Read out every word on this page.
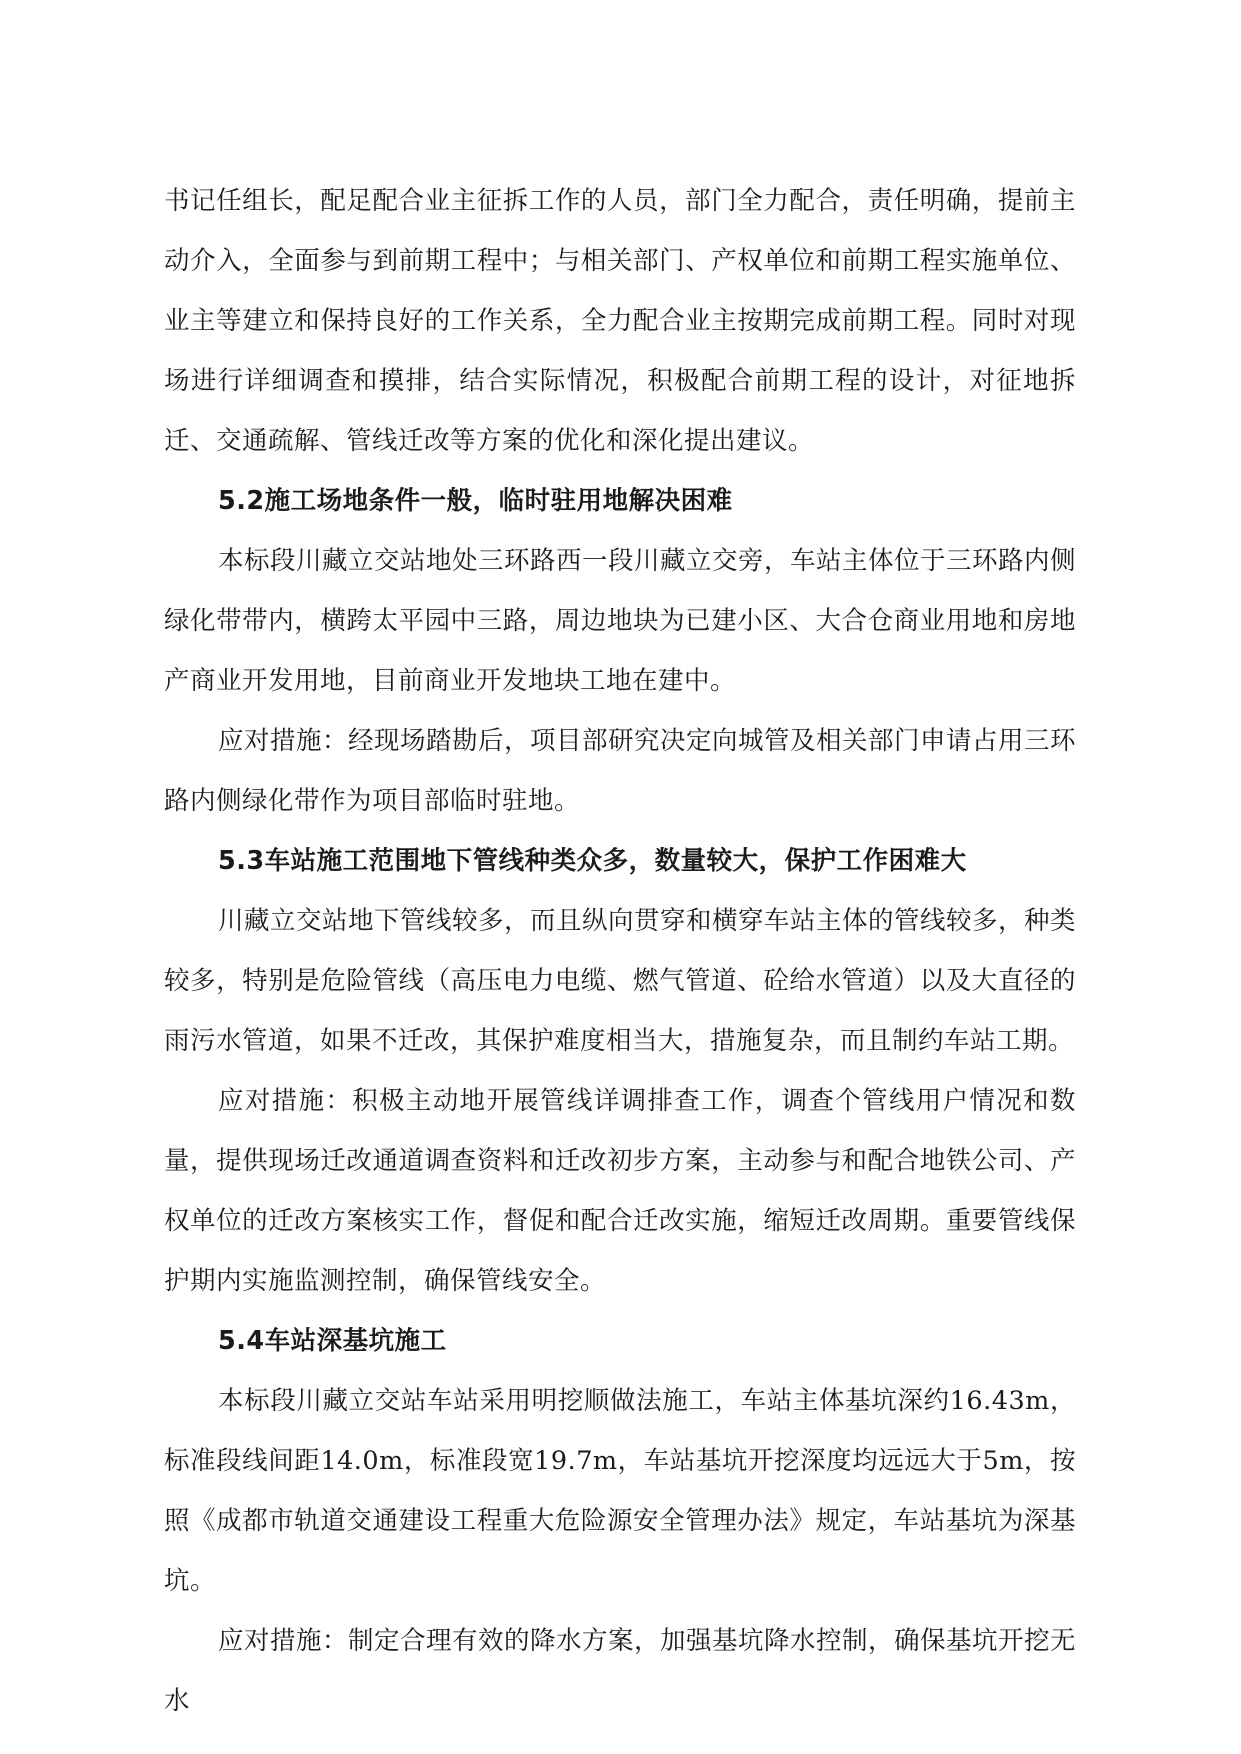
书记任组长，配足配合业主征拆工作的人员，部门全力配合，责任明确，提前主动介入，全面参与到前期工程中；与相关部门、产权单位和前期工程实施单位、业主等建立和保持良好的工作关系，全力配合业主按期完成前期工程。同时对现场进行详细调查和摸排，结合实际情况，积极配合前期工程的设计，对征地拆迁、交通疏解、管线迁改等方案的优化和深化提出建议。

5.2施工场地条件一般，临时驻用地解决困难

本标段川藏立交站地处三环路西一段川藏立交旁，车站主体位于三环路内侧绿化带带内，横跨太平园中三路，周边地块为已建小区、大合仓商业用地和房地产商业开发用地，目前商业开发地块工地在建中。

应对措施：经现场踏勘后，项目部研究决定向城管及相关部门申请占用三环路内侧绿化带作为项目部临时驻地。

5.3车站施工范围地下管线种类众多，数量较大，保护工作困难大

川藏立交站地下管线较多，而且纵向贯穿和横穿车站主体的管线较多，种类较多，特别是危险管线（高压电力电缆、燃气管道、砼给水管道）以及大直径的雨污水管道，如果不迁改，其保护难度相当大，措施复杂，而且制约车站工期。

应对措施：积极主动地开展管线详调排查工作，调查个管线用户情况和数量，提供现场迁改通道调查资料和迁改初步方案，主动参与和配合地铁公司、产权单位的迁改方案核实工作，督促和配合迁改实施，缩短迁改周期。重要管线保护期内实施监测控制，确保管线安全。

5.4车站深基坑施工

本标段川藏立交站车站采用明挖顺做法施工，车站主体基坑深约16.43m，标准段线间距14.0m，标准段宽19.7m，车站基坑开挖深度均远远大于5m，按照《成都市轨道交通建设工程重大危险源安全管理办法》规定，车站基坑为深基坑。

应对措施：制定合理有效的降水方案，加强基坑降水控制，确保基坑开挖无水
